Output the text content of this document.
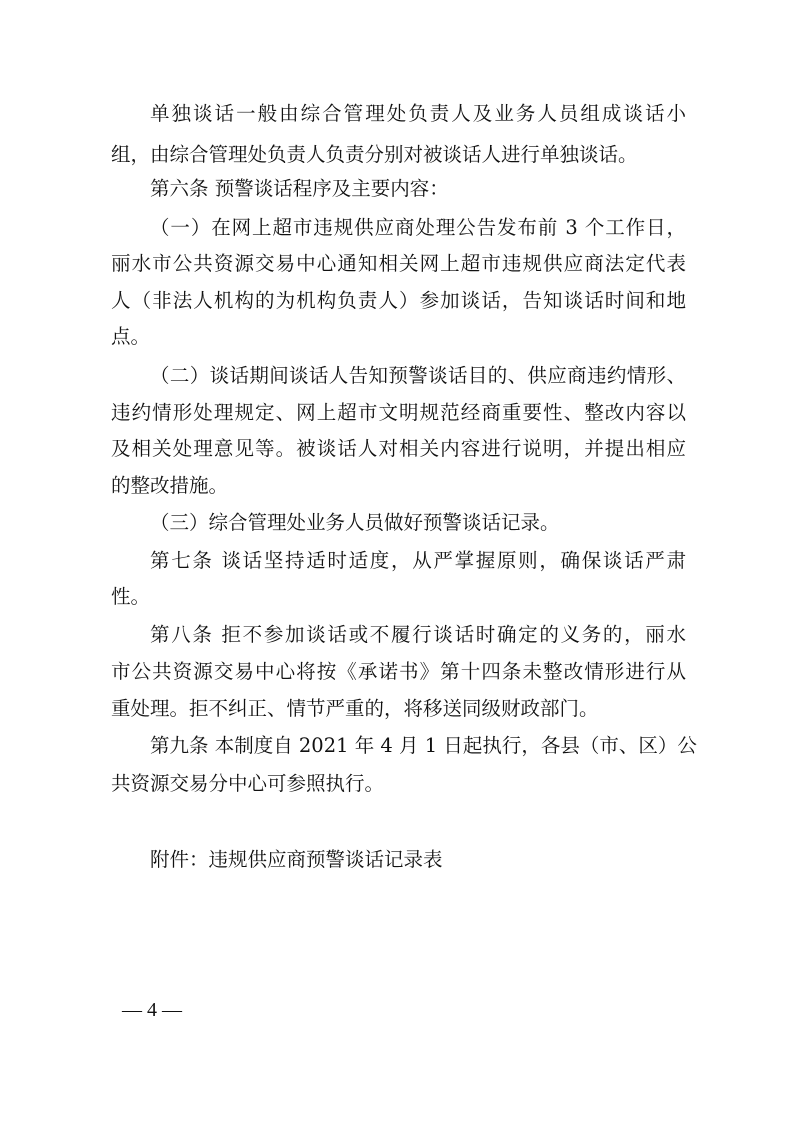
单独谈话一般由综合管理处负责人及业务人员组成谈话小
组，由综合管理处负责人负责分别对被谈话人进行单独谈话。
第六条 预警谈话程序及主要内容：
（一）在网上超市违规供应商处理公告发布前 3 个工作日，
丽水市公共资源交易中心通知相关网上超市违规供应商法定代表
人（非法人机构的为机构负责人）参加谈话，告知谈话时间和地
点。
（二）谈话期间谈话人告知预警谈话目的、供应商违约情形、
违约情形处理规定、网上超市文明规范经商重要性、整改内容以
及相关处理意见等。被谈话人对相关内容进行说明，并提出相应
的整改措施。
（三）综合管理处业务人员做好预警谈话记录。
第七条 谈话坚持适时适度，从严掌握原则，确保谈话严肃
性。
第八条 拒不参加谈话或不履行谈话时确定的义务的，丽水
市公共资源交易中心将按《承诺书》第十四条未整改情形进行从
重处理。拒不纠正、情节严重的，将移送同级财政部门。
第九条 本制度自 2021 年 4 月 1 日起执行，各县（市、区）公
共资源交易分中心可参照执行。
附件：违规供应商预警谈话记录表
— 4 —
